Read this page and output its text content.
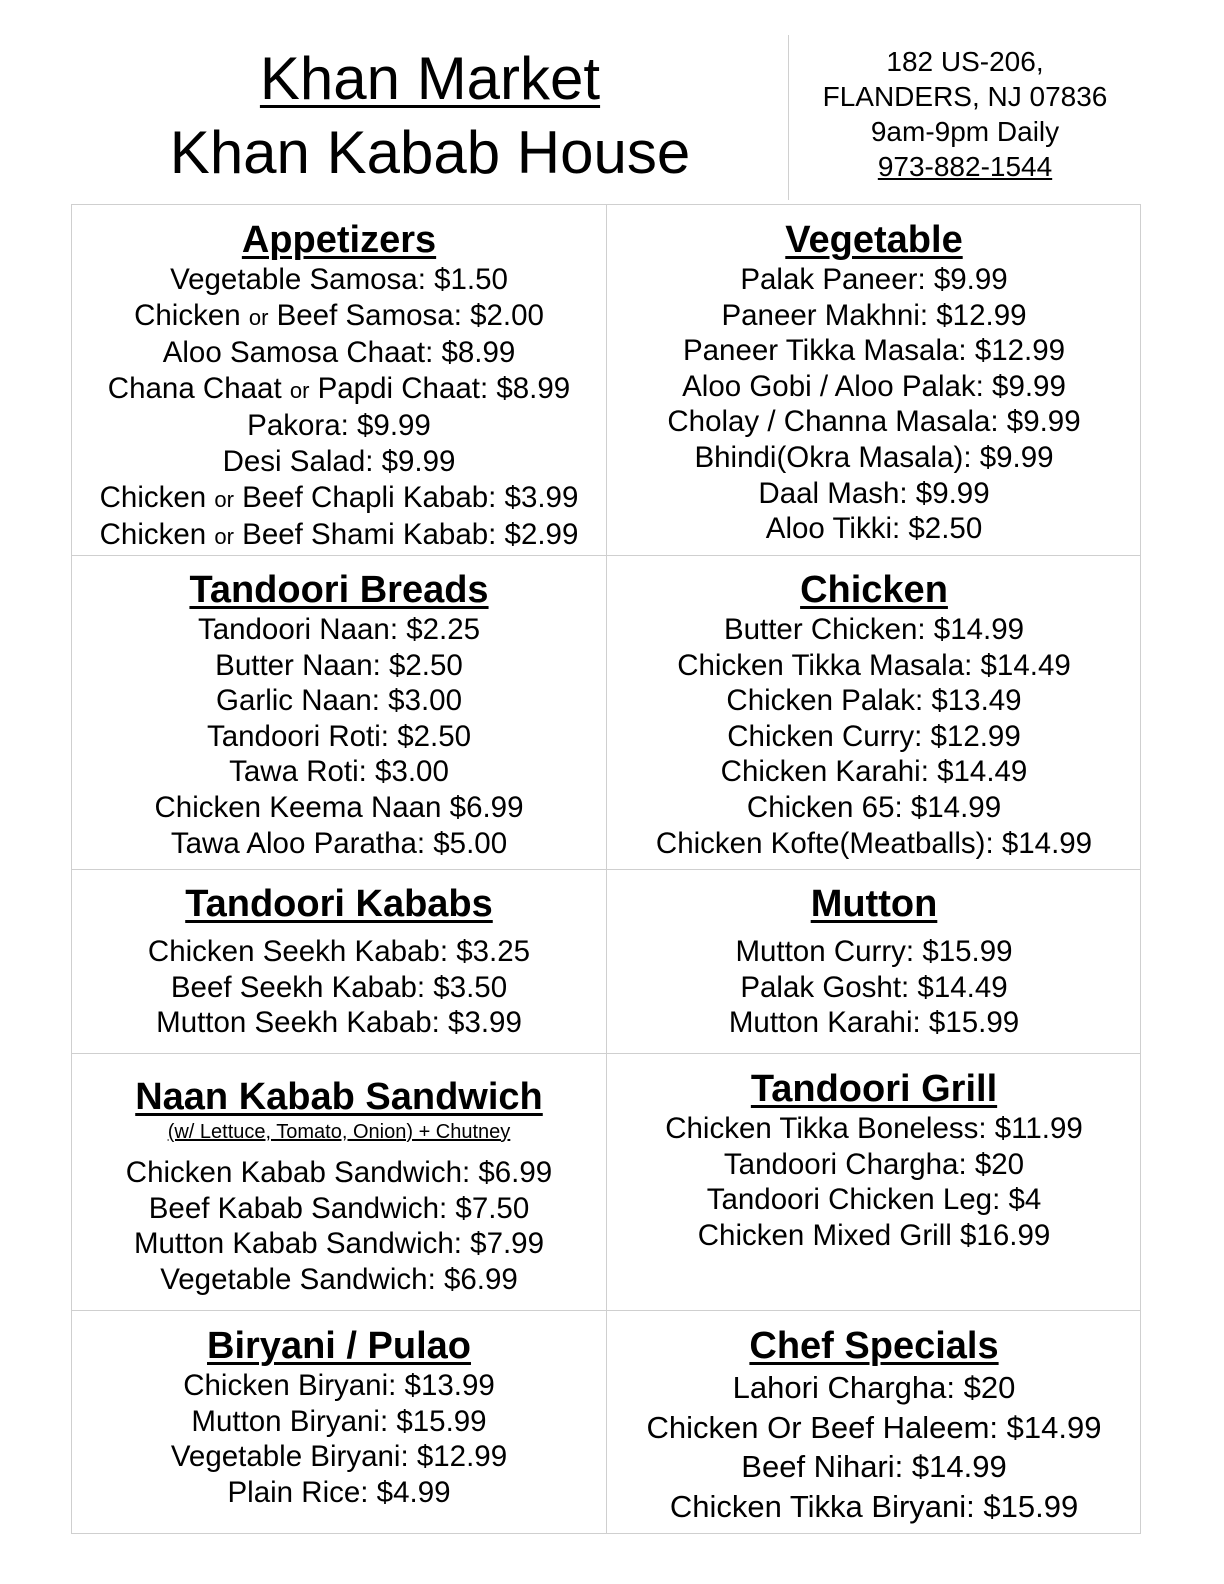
Khan Market
Khan Kabab House
182 US-206,
FLANDERS, NJ 07836
9am-9pm Daily
973-882-1544
Appetizers
Vegetable Samosa: $1.50
Chicken or Beef Samosa: $2.00
Aloo Samosa Chaat: $8.99
Chana Chaat or Papdi Chaat: $8.99
Pakora: $9.99
Desi Salad: $9.99
Chicken or Beef Chapli Kabab: $3.99
Chicken or Beef Shami Kabab: $2.99
Vegetable
Palak Paneer: $9.99
Paneer Makhni: $12.99
Paneer Tikka Masala: $12.99
Aloo Gobi / Aloo Palak: $9.99
Cholay / Channa Masala: $9.99
Bhindi(Okra Masala): $9.99
Daal Mash: $9.99
Aloo Tikki: $2.50
Tandoori Breads
Tandoori Naan: $2.25
Butter Naan: $2.50
Garlic Naan: $3.00
Tandoori Roti: $2.50
Tawa Roti: $3.00
Chicken Keema Naan $6.99
Tawa Aloo Paratha: $5.00
Chicken
Butter Chicken: $14.99
Chicken Tikka Masala: $14.49
Chicken Palak: $13.49
Chicken Curry: $12.99
Chicken Karahi: $14.49
Chicken 65: $14.99
Chicken Kofte(Meatballs): $14.99
Tandoori Kababs
Chicken Seekh Kabab: $3.25
Beef Seekh Kabab: $3.50
Mutton Seekh Kabab: $3.99
Mutton
Mutton Curry: $15.99
Palak Gosht: $14.49
Mutton Karahi: $15.99
Naan Kabab Sandwich
(w/ Lettuce, Tomato, Onion) + Chutney
Chicken Kabab Sandwich: $6.99
Beef Kabab Sandwich: $7.50
Mutton Kabab Sandwich: $7.99
Vegetable Sandwich: $6.99
Tandoori Grill
Chicken Tikka Boneless: $11.99
Tandoori Chargha: $20
Tandoori Chicken Leg: $4
Chicken Mixed Grill $16.99
Biryani / Pulao
Chicken Biryani: $13.99
Mutton Biryani: $15.99
Vegetable Biryani: $12.99
Plain Rice: $4.99
Chef Specials
Lahori Chargha: $20
Chicken Or Beef Haleem: $14.99
Beef Nihari: $14.99
Chicken Tikka Biryani: $15.99
